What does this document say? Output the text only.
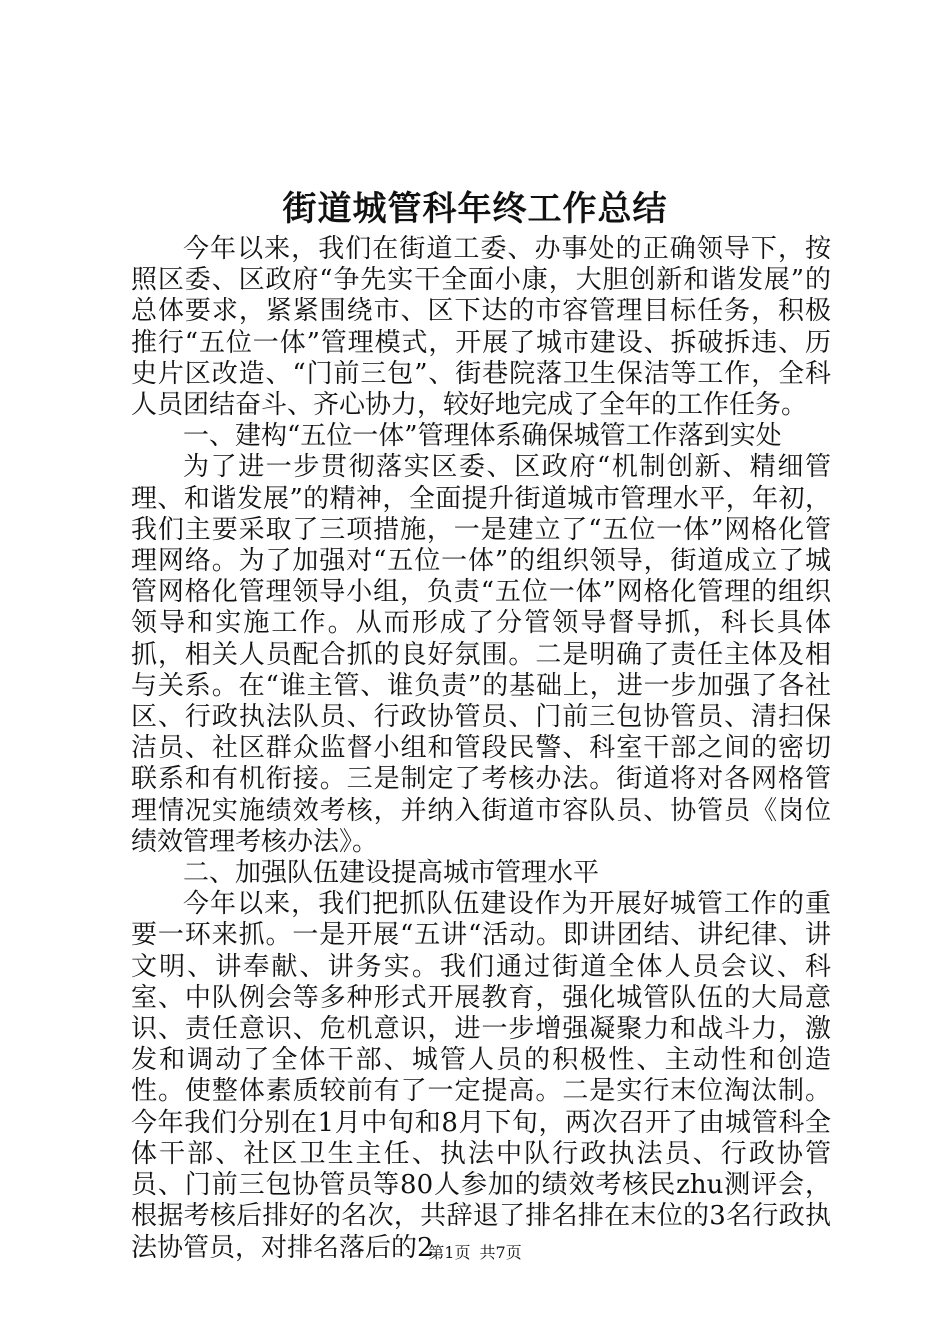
街道城管科年终工作总结

今年以来，我们在街道工委、办事处的正确领导下，按照区委、区政府“争先实干全面小康，大胆创新和谐发展”的总体要求，紧紧围绕市、区下达的市容管理目标任务，积极推行“五位一体”管理模式，开展了城市建设、拆破拆违、历史片区改造、“门前三包”、街巷院落卫生保洁等工作，全科人员团结奋斗、齐心协力，较好地完成了全年的工作任务。

一、建构“五位一体”管理体系确保城管工作落到实处

为了进一步贯彻落实区委、区政府“机制创新、精细管理、和谐发展”的精神，全面提升街道城市管理水平，年初，我们主要采取了三项措施，一是建立了“五位一体”网格化管理网络。为了加强对“五位一体”的组织领导，街道成立了城管网格化管理领导小组，负责“五位一体”网格化管理的组织领导和实施工作。从而形成了分管领导督导抓，科长具体抓，相关人员配合抓的良好氛围。二是明确了责任主体及相与关系。在“谁主管、谁负责”的基础上，进一步加强了各社区、行政执法队员、行政协管员、门前三包协管员、清扫保洁员、社区群众监督小组和管段民警、科室干部之间的密切联系和有机衔接。三是制定了考核办法。街道将对各网格管理情况实施绩效考核，并纳入街道市容队员、协管员《岗位绩效管理考核办法》。

二、加强队伍建设提高城市管理水平

今年以来，我们把抓队伍建设作为开展好城管工作的重要一环来抓。一是开展“五讲“活动。即讲团结、讲纪律、讲文明、讲奉献、讲务实。我们通过街道全体人员会议、科室、中队例会等多种形式开展教育，强化城管队伍的大局意识、责任意识、危机意识，进一步增强凝聚力和战斗力，激发和调动了全体干部、城管人员的积极性、主动性和创造性。使整体素质较前有了一定提高。二是实行末位淘汰制。今年我们分别在1月中旬和8月下旬，两次召开了由城管科全体干部、社区卫生主任、执法中队行政执法员、行政协管员、门前三包协管员等80人参加的绩效考核民zhu测评会，根据考核后排好的名次，共辞退了排名排在末位的3名行政执法协管员，对排名落后的2

第1页 共7页
